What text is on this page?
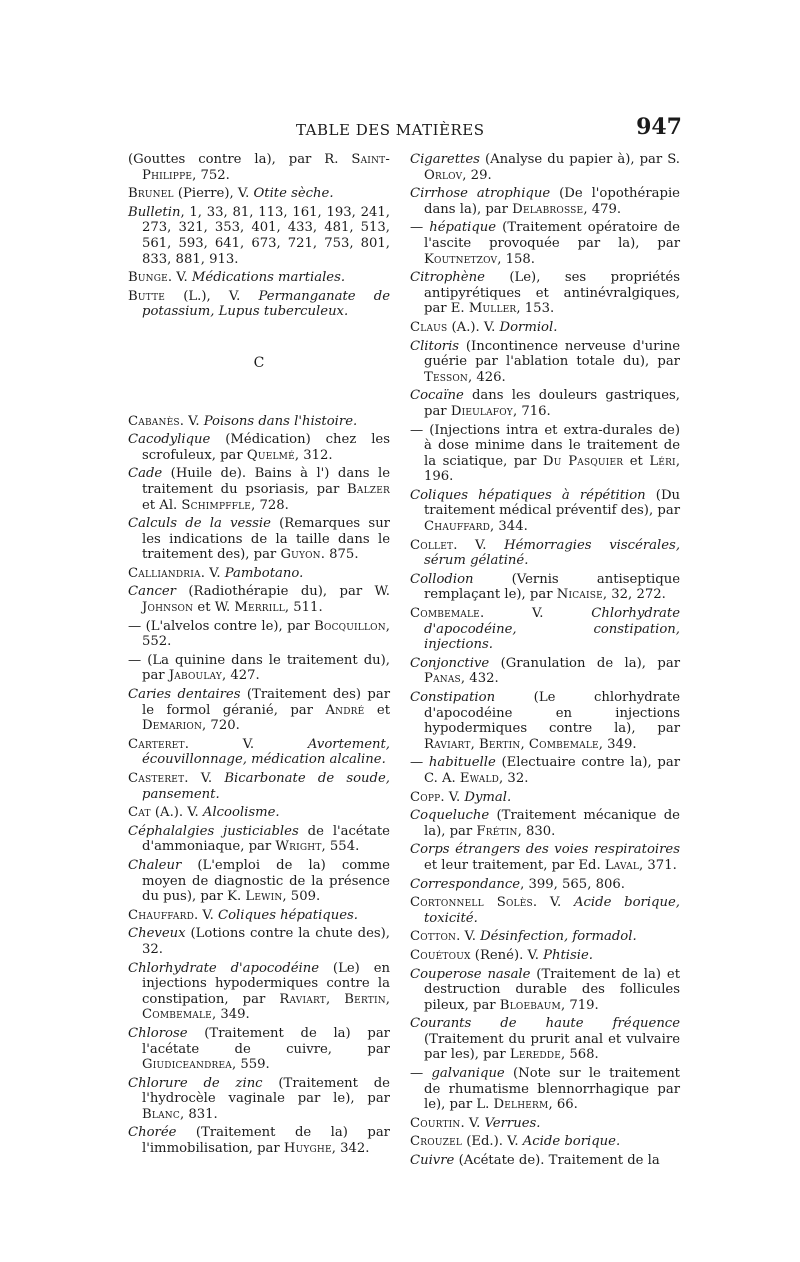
TABLE DES MATIÈRES	947
(Gouttes contre la), par R. Saint-Philippe, 752.
Brunel (Pierre), V. Otite sèche.
Bulletin, 1, 33, 81, 113, 161, 193, 241, 273, 321, 353, 401, 433, 481, 513, 561, 593, 641, 673, 721, 753, 801, 833, 881, 913.
Bunge. V. Médications martiales.
Butte (L.), V. Permanganate de potassium, Lupus tuberculeux.
C
Cabanès. V. Poisons dans l'histoire.
Cacodylique (Médication) chez les scrofuleux, par Quelmé, 312.
Cade (Huile de). Bains à l') dans le traitement du psoriasis, par Balzer et Al. Schimpffle, 728.
Calculs de la vessie (Remarques sur les indications de la taille dans le traitement des), par Guyon. 875.
Calliandria. V. Pambotano.
Cancer (Radiothérapie du), par W. Johnson et W. Merrill, 511.
— (L'alvelos contre le), par Bocquillon, 552.
— (La quinine dans le traitement du), par Jaboulay, 427.
Caries dentaires (Traitement des) par le formol géranié, par André et Demarion, 720.
Carteret. V. Avortement, écouvillonnage, médication alcaline.
Casteret. V. Bicarbonate de soude, pansement.
Cat (A.). V. Alcoolisme.
Céphalalgies justiciables de l'acétate d'ammoniaque, par Wright, 554.
Chaleur (L'emploi de la) comme moyen de diagnostic de la présence du pus), par K. Lewin, 509.
Chauffard. V. Coliques hépatiques.
Cheveux (Lotions contre la chute des), 32.
Chlorhydrate d'apocodéine (Le) en injections hypodermiques contre la constipation, par Raviart, Bertin, Combemale, 349.
Chlorose (Traitement de la) par l'acétate de cuivre, par Giudiceandrea, 559.
Chlorure de zinc (Traitement de l'hydrocèle vaginale par le), par Blanc, 831.
Chorée (Traitement de la) par l'immobilisation, par Huyghe, 342.
Cigarettes (Analyse du papier à), par S. Orlov, 29.
Cirrhose atrophique (De l'opothérapie dans la), par Delabrosse, 479.
— hépatique (Traitement opératoire de l'ascite provoquée par la), par Koutnetzov, 158.
Citrophène (Le), ses propriétés antipyrétiques et antinévralgiques, par E. Muller, 153.
Claus (A.). V. Dormiol.
Clitoris (Incontinence nerveuse d'urine guérie par l'ablation totale du), par Tesson, 426.
Cocaïne dans les douleurs gastriques, par Dieulafoy, 716.
— (Injections intra et extra-durales de) à dose minime dans le traitement de la sciatique, par Du Pasquier et Léri, 196.
Coliques hépatiques à répétition (Du traitement médical préventif des), par Chauffard, 344.
Collet. V. Hémorragies viscérales, sérum gélatiné.
Collodion (Vernis antiseptique remplaçant le), par Nicaise, 32, 272.
Combemale. V. Chlorhydrate d'apocodéine, constipation, injections.
Conjonctive (Granulation de la), par Panas, 432.
Constipation (Le chlorhydrate d'apocodéine en injections hypodermiques contre la), par Raviart, Bertin, Combemale, 349.
— habituelle (Electuaire contre la), par C. A. Ewald, 32.
Copp. V. Dymal.
Coqueluche (Traitement mécanique de la), par Frétin, 830.
Corps étrangers des voies respiratoires et leur traitement, par Ed. Laval, 371.
Correspondance, 399, 565, 806.
Cortonnell Solès. V. Acide borique, toxicité.
Cotton. V. Désinfection, formadol.
Couétoux (René). V. Phtisie.
Couperose nasale (Traitement de la) et destruction durable des follicules pileux, par Bloebaum, 719.
Courants de haute fréquence (Traitement du prurit anal et vulvaire par les), par Leredde, 568.
— galvanique (Note sur le traitement de rhumatisme blennorrhagique par le), par L. Delherm, 66.
Courtin. V. Verrues.
Crouzel (Ed.). V. Acide borique.
Cuivre (Acétate de). Traitement de la
